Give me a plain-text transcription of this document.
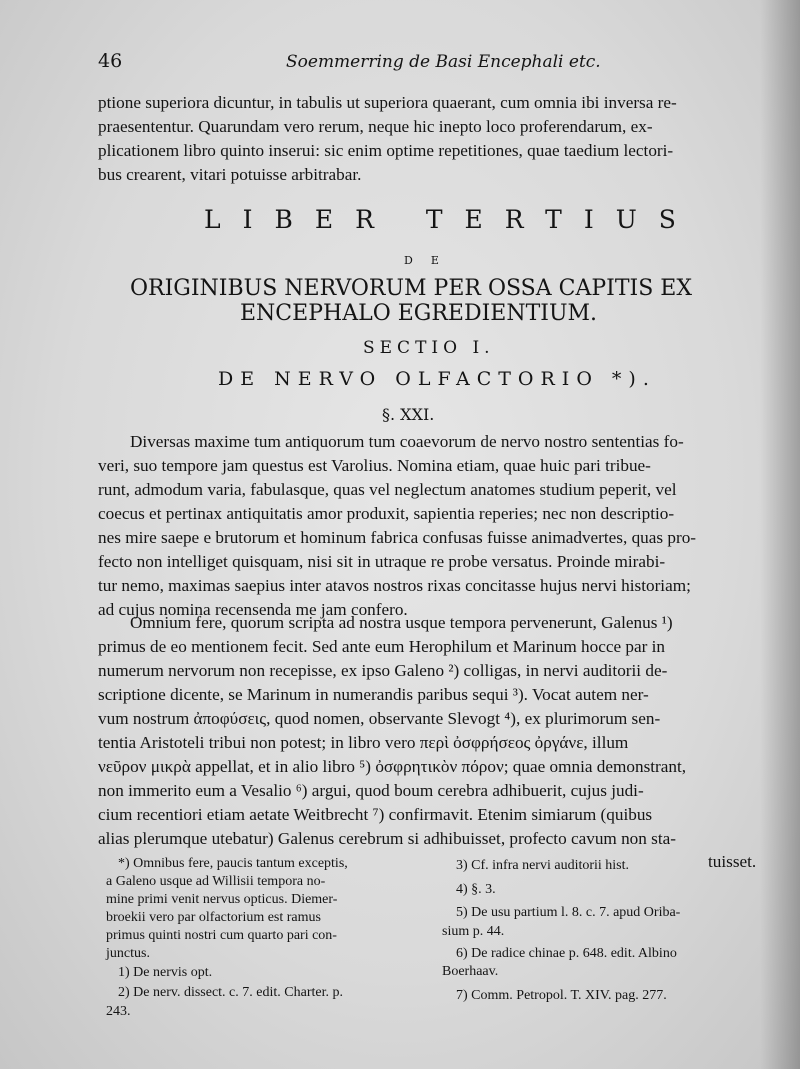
46	Soemmerring de Basi Encephali etc.
ptione superiora dicuntur, in tabulis ut superiora quaerant, cum omnia ibi inversa re-
praesententur. Quarundam vero rerum, neque hic inepto loco proferendarum, ex-
plicationem libro quinto inserui: sic enim optime repetitiones, quae taedium lectori-
bus crearent, vitari potuisse arbitrabar.
LIBER TERTIUS
DE
ORIGINIBUS NERVORUM PER OSSA CAPITIS EX
ENCEPHALO EGREDIENTIUM.
SECTIO I.
DE NERVO OLFACTORIO *).
§. XXI.
Diversas maxime tum antiquorum tum coaevorum de nervo nostro sententias fo-
veri, suo tempore jam questus est Varolius. Nomina etiam, quae huic pari tribue-
runt, admodum varia, fabulasque, quas vel neglectum anatomes studium peperit, vel
coecus et pertinax antiquitatis amor produxit, sapientia reperies; nec non descriptio-
nes mire saepe e brutorum et hominum fabrica confusas fuisse animadvertes, quas pro-
fecto non intelliget quisquam, nisi sit in utraque re probe versatus. Proinde mirabi-
tur nemo, maximas saepius inter atavos nostros rixas concitasse hujus nervi historiam;
ad cujus nomina recensenda me jam confero.
Omnium fere, quorum scripta ad nostra usque tempora pervenerunt, Galenus ¹)
primus de eo mentionem fecit. Sed ante eum Herophilum et Marinum hocce par in
numerum nervorum non recepisse, ex ipso Galeno ²) colligas, in nervi auditorii de-
scriptione dicente, se Marinum in numerandis paribus sequi ³). Vocat autem ner-
vum nostrum ἀποφύσεις, quod nomen, observante Slevogt ⁴), ex plurimorum sen-
tentia Aristoteli tribui non potest; in libro vero περὶ ὀσφρήσεος ὀργάνε, illum
νεῦρον μικρὰ appellat, et in alio libro ⁵) ὀσφρητικὸν πόρον; quae omnia demonstrant,
non immerito eum a Vesalio ⁶) argui, quod boum cerebra adhibuerit, cujus judi-
cium recentiori etiam aetate Weitbrecht ⁷) confirmavit. Etenim simiarum (quibus
alias plerumque utebatur) Galenus cerebrum si adhibuisset, profecto cavum non sta-
tuisset.
*) Omnibus fere, paucis tantum exceptis,
a Galeno usque ad Willisii tempora no-
mine primi venit nervus opticus. Diemer-
broekii vero par olfactorium est ramus
primus quinti nostri cum quarto pari con-
junctus.
1) De nervis opt.
2) De nerv. dissect. c. 7. edit. Charter. p.
243.
3) Cf. infra nervi auditorii hist.
4) §. 3.
5) De usu partium l. 8. c. 7. apud Oriba-
sium p. 44.
6) De radice chinae p. 648. edit. Albino
Boerhaav.
7) Comm. Petropol. T. XIV. pag. 277.
